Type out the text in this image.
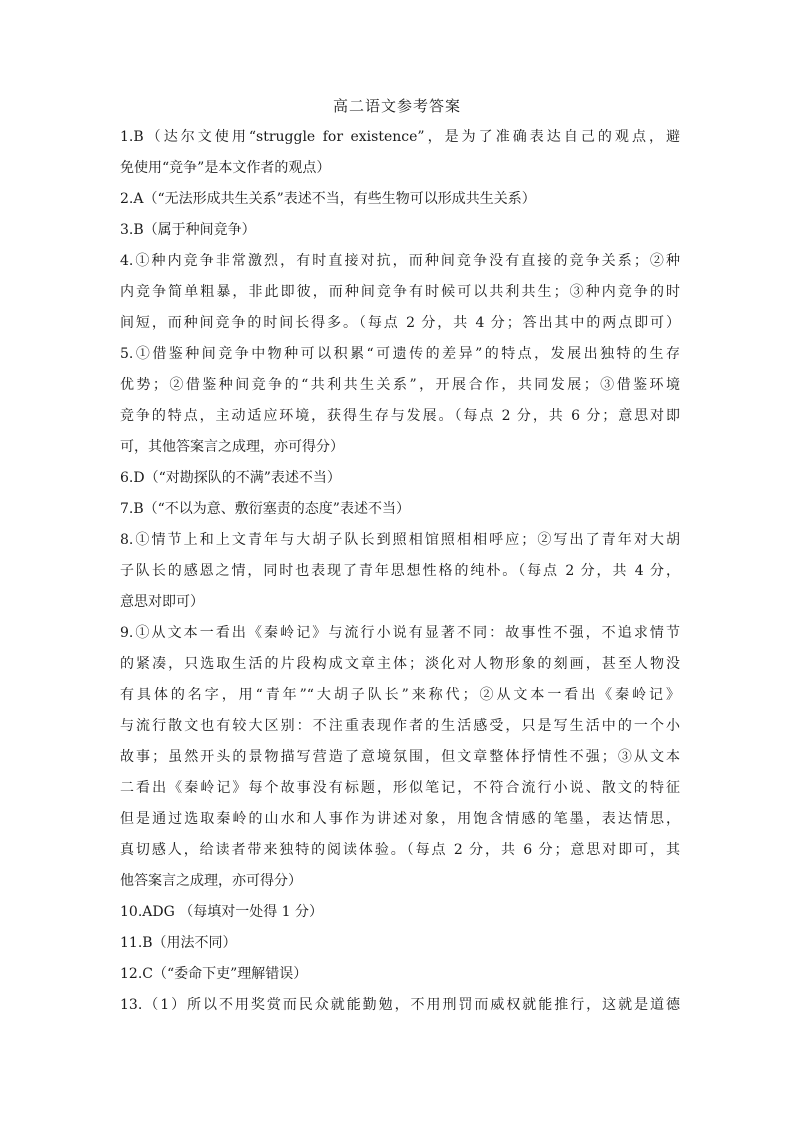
高二语文参考答案
1.B（达尔文使用“struggle for existence”，是为了准确表达自己的观点，避
免使用“竞争”是本文作者的观点）
2.A（“无法形成共生关系”表述不当，有些生物可以形成共生关系）
3.B（属于种间竞争）
4.①种内竞争非常激烈，有时直接对抗，而种间竞争没有直接的竞争关系；②种
内竞争简单粗暴，非此即彼，而种间竞争有时候可以共利共生；③种内竞争的时
间短，而种间竞争的时间长得多。（每点 2 分，共 4 分；答出其中的两点即可）
5.①借鉴种间竞争中物种可以积累“可遗传的差异”的特点，发展出独特的生存
优势；②借鉴种间竞争的“共利共生关系”，开展合作，共同发展；③借鉴环境
竞争的特点，主动适应环境，获得生存与发展。（每点 2 分，共 6 分；意思对即
可，其他答案言之成理，亦可得分）
6.D（“对勘探队的不满”表述不当）
7.B（“不以为意、敷衍塞责的态度”表述不当）
8.①情节上和上文青年与大胡子队长到照相馆照相相呼应；②写出了青年对大胡
子队长的感恩之情，同时也表现了青年思想性格的纯朴。（每点 2 分，共 4 分，
意思对即可）
9.①从文本一看出《秦岭记》与流行小说有显著不同：故事性不强，不追求情节
的紧凑，只选取生活的片段构成文章主体；淡化对人物形象的刻画，甚至人物没
有具体的名字，用“青年”“大胡子队长”来称代；②从文本一看出《秦岭记》
与流行散文也有较大区别：不注重表现作者的生活感受，只是写生活中的一个小
故事；虽然开头的景物描写营造了意境氛围，但文章整体抒情性不强；③从文本
二看出《秦岭记》每个故事没有标题，形似笔记，不符合流行小说、散文的特征
但是通过选取秦岭的山水和人事作为讲述对象，用饱含情感的笔墨，表达情思，
真切感人，给读者带来独特的阅读体验。（每点 2 分，共 6 分；意思对即可，其
他答案言之成理，亦可得分）
10.ADG （每填对一处得 1 分）
11.B（用法不同）
12.C（“委命下吏”理解错误）
13.（1）所以不用奖赏而民众就能勤勉，不用刑罚而威权就能推行，这就是道德
